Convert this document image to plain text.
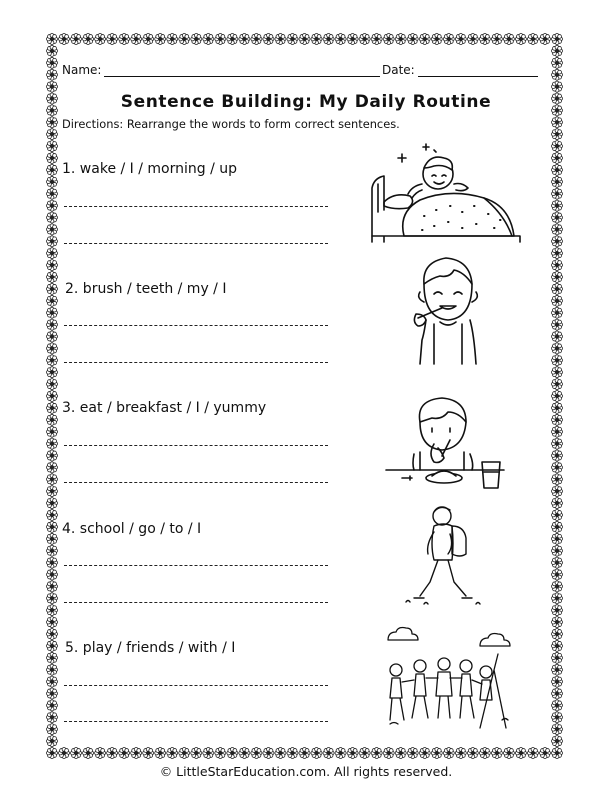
Name:	Date:
Sentence Building: My Daily Routine
Directions: Rearrange the words to form correct sentences.
1. wake / I / morning / up
2. brush / teeth / my / I
3. eat / breakfast / I / yummy
4. school / go / to / I
5. play / friends / with / I
© LittleStarEducation.com. All rights reserved.
